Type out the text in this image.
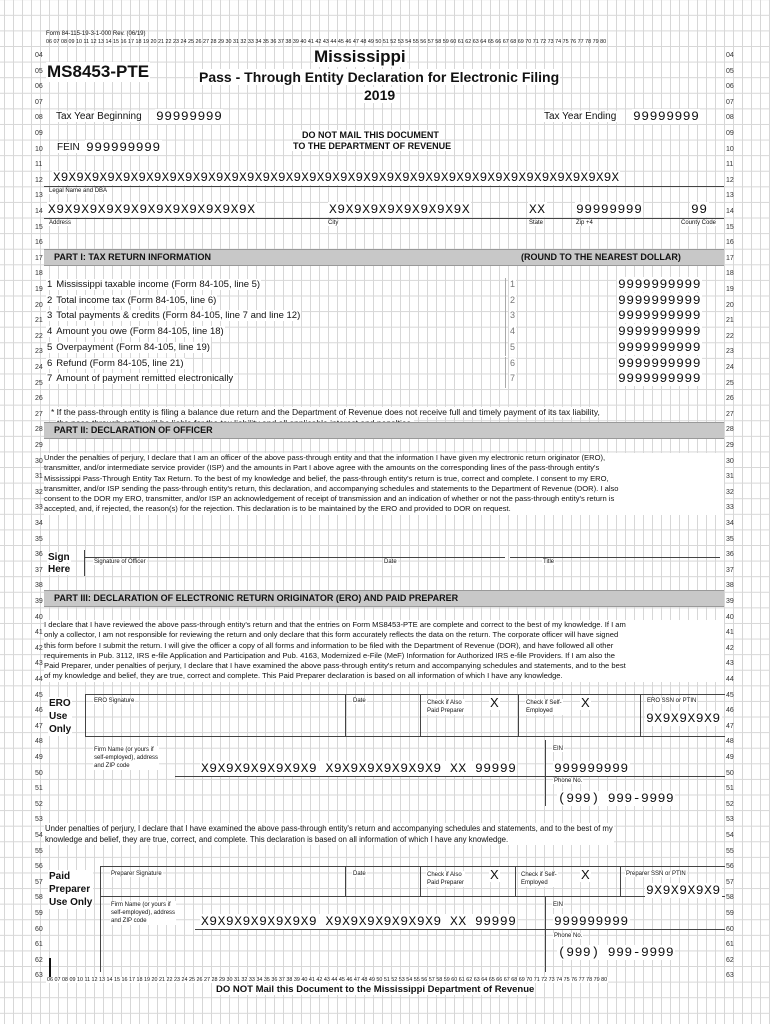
Form 84-115-19-3-1-000 Rev. (06/19)
06 07 08 09 10 11 12 13 14 15 16 17 18 19 20 21 22 23 24 25 26 27 28 29 30 31 32 33 34 35 36 37 38 39 40 41 42 43 44 45 46 47 48 49 50 51 52 53 54 55 56 57 58 59 60 61 62 63 64 65 66 67 68 69 70 71 72 73 74 75 76 77 78 79 80
04
05
06
07
08
09
10
11
12
13
14
15
16
17
18
19
20
21
22
23
24
25
26
27
28
29
30
31
32
33
34
35
36
37
38
39
40
41
42
43
44
45
46
47
48
49
50
51
52
53
54
55
56
57
58
59
60
61
62
63
04
05
06
07
08
09
10
11
12
13
14
15
16
17
18
19
20
21
22
23
24
25
26
27
28
29
30
31
32
33
34
35
36
37
38
39
40
41
42
43
44
45
46
47
48
49
50
51
52
53
54
55
56
57
58
59
60
61
62
63
MS8453-PTE
Mississippi
Pass - Through Entity Declaration for Electronic Filing
2019
Tax Year Beginning 99999999	Tax Year Ending 99999999
DO NOT MAIL THIS DOCUMENT
TO THE DEPARTMENT OF REVENUE
FEIN 999999999
X9X9X9X9X9X9X9X9X9X9X9X9X9X9X9X9X9X9X9X9X9X9X9X9X9X9X9X9X9X9X9X9X9X9X9X9X
Legal Name and DBA
X9X9X9X9X9X9X9X9X9X9X9X9X	X9X9X9X9X9X9X9X9X	XX 99999999	99
Address	City	State	Zip +4	County Code
PART I: TAX RETURN INFORMATION	(ROUND TO THE NEAREST DOLLAR)
1 Mississippi taxable income (Form 84-105, line 5)	1	9999999999
2 Total income tax (Form 84-105, line 6)	2	9999999999
3 Total payments & credits (Form 84-105, line 7 and line 12)	3	9999999999
4 Amount you owe (Form 84-105, line 18)	4	9999999999
5 Overpayment (Form 84-105, line 19)	5	9999999999
6 Refund (Form 84-105, line 21)	6	9999999999
7 Amount of payment remitted electronically	7	9999999999
* If the pass-through entity is filing a balance due return and the Department of Revenue does not receive full and timely payment of its tax liability,
PART II: DECLARATION OF OFFICER
Under the penalties of perjury, I declare that I am an officer of the above pass-through entity and that the information I have given my electronic return originator (ERO),
transmitter, and/or intermediate service provider (ISP) and the amounts in Part I above agree with the amounts on the corresponding lines of the pass-through entity's
Mississippi Pass-Through Entity Tax Return. To the best of my knowledge and belief, the pass-through entity's return is true, correct and complete. I consent to my ERO,
transmitter, and/or ISP sending the pass-through entity's return, this declaration, and accompanying schedules and statements to the Department of Revenue (DOR). I also
consent to the DOR my ERO, transmitter, and/or ISP an acknowledgement of receipt of transmission and an indication of whether or not the pass-through entity's return is
accepted, and, if rejected, the reason(s) for the rejection. This declaration is to be maintained by the ERO and provided to DOR on request.
Sign
Here
Signature of Officer	Date	Title
PART III: DECLARATION OF ELECTRONIC RETURN ORIGINATOR (ERO) AND PAID PREPARER
I declare that I have reviewed the above pass-through entity's return and that the entries on Form MS8453-PTE are complete and correct to the best of my knowledge. If I am
only a collector, I am not responsible for reviewing the return and only declare that this form accurately reflects the data on the return. The corporate officer will have signed
this form before I submit the return. I will give the officer a copy of all forms and information to be filed with the Department of Revenue (DOR), and have followed all other
requirements in Pub. 3112, IRS e-file Application and Participation and Pub. 4163, Modernized e-File (MeF) Information for Authorized IRS e-file Providers. If I am also the
Paid Preparer, under penalties of perjury, I declare that I have examined the above pass-through entity's return and accompanying schedules and statements, and to the best
of my knowledge and belief, they are true, correct and complete. This Paid Preparer declaration is based on all information of which I have any knowledge.
ERO
Use
Only
ERO Signature	Date	Check if Also
Paid Preparer
X	Check if Self-
Employed
X	ERO SSN or PTIN
9X9X9X9X9
Firm Name (or yours if
self-employed), address
and ZIP code	X9X9X9X9X9X9X9 X9X9X9X9X9X9X9 XX 99999
EIN
999999999
Phone No.
(999) 999-9999
Under penalties of perjury, I declare that I have examined the above pass-through entity's return and accompanying schedules and statements, and to the best of my
knowledge and belief, they are true, correct, and complete. This declaration is based on all information of which I have any knowledge.
Paid
Preparer
Use Only
Preparer Signature	Date	Check if Also
Paid Preparer
X	Check if Self-
Employed
X	Preparer SSN or PTIN
9X9X9X9X9
Firm Name (or yours if
self-employed), address
and ZIP code	X9X9X9X9X9X9X9 X9X9X9X9X9X9X9 XX 99999
EIN
999999999
Phone No.
(999) 999-9999
06 07 08 09 10 11 12 13 14 15 16 17 18 19 20 21 22 23 24 25 26 27 28 29 30 31 32 33 34 35 36 37 38 39 40 41 42 43 44 45 46 47 48 49 50 51 52 53 54 55 56 57 58 59 60 61 62 63 64 65 66 67 68 69 70 71 72 73 74 75 76 77 78 79 80
DO NOT Mail this Document to the Mississippi Department of Revenue
